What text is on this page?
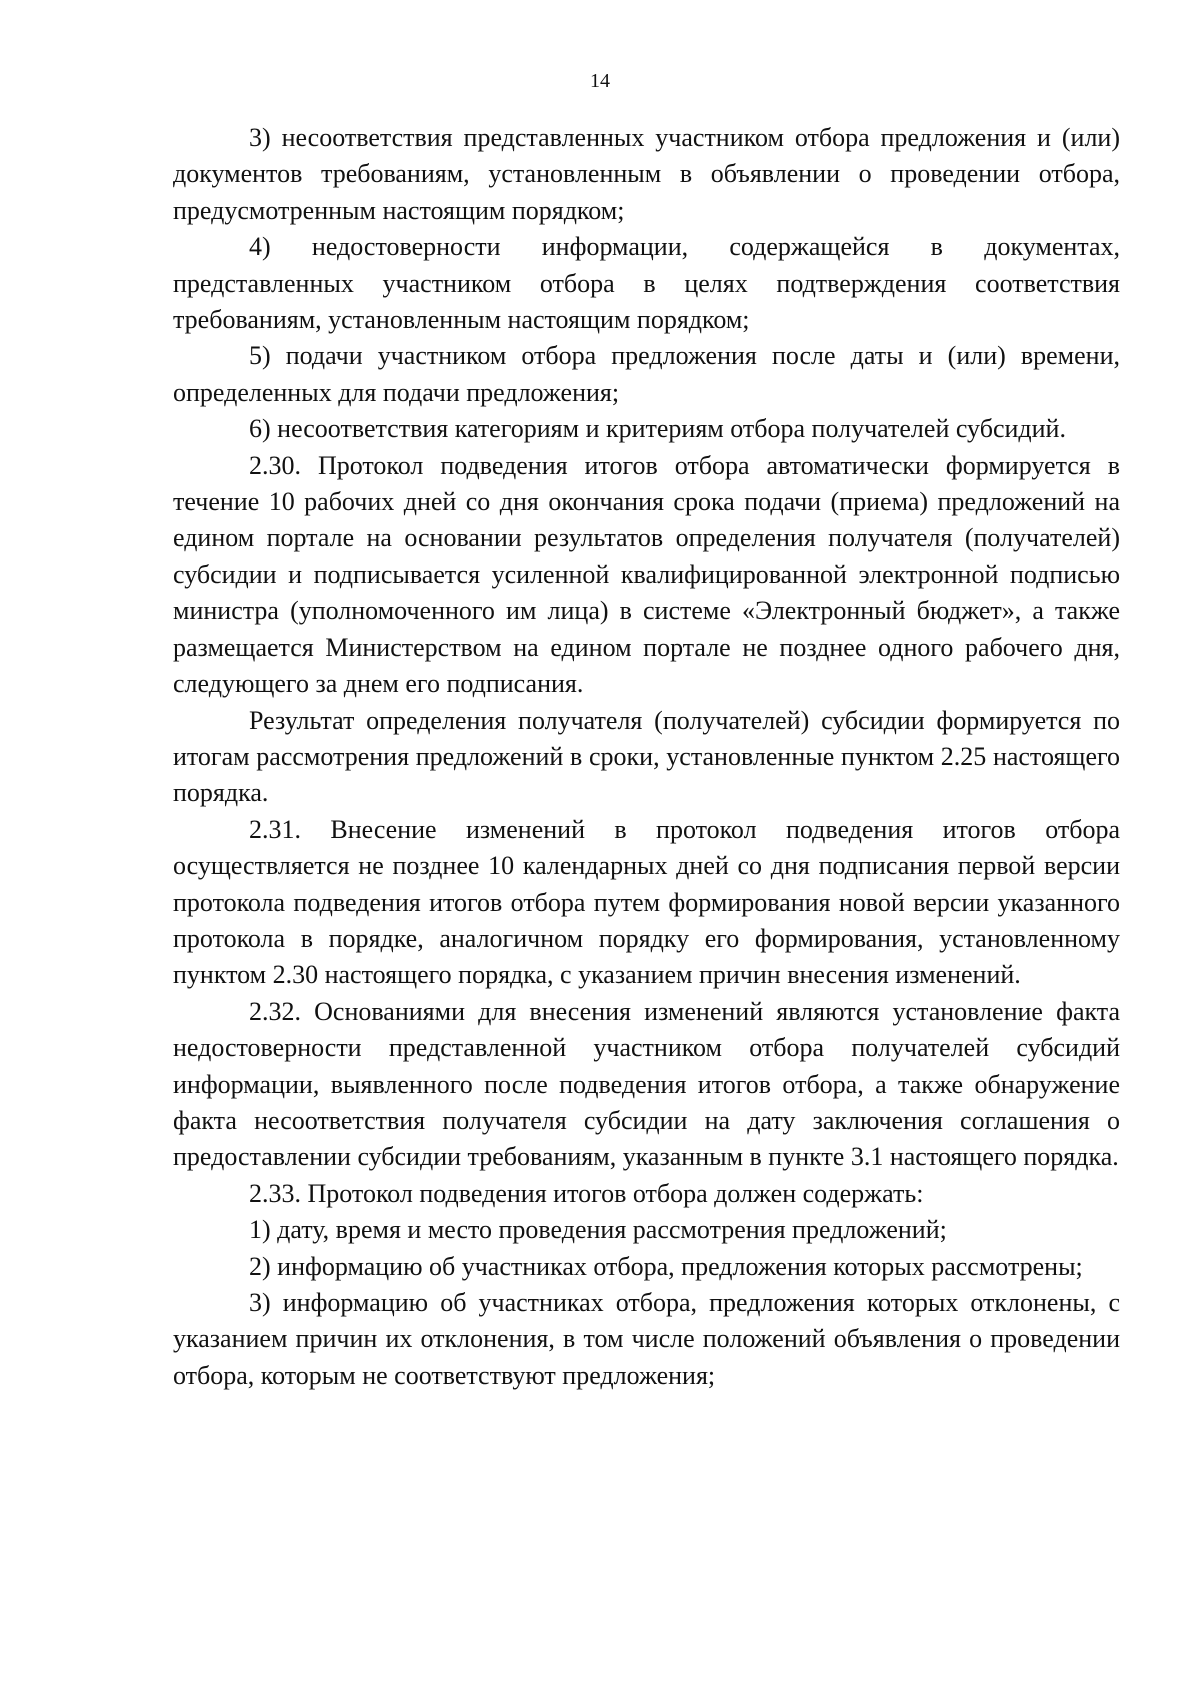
14

3) несоответствия представленных участником отбора предложения и (или) документов требованиям, установленным в объявлении о проведении отбора, предусмотренным настоящим порядком;

4) недостоверности информации, содержащейся в документах, представленных участником отбора в целях подтверждения соответствия требованиям, установленным настоящим порядком;

5) подачи участником отбора предложения после даты и (или) времени, определенных для подачи предложения;

6) несоответствия категориям и критериям отбора получателей субсидий.

2.30. Протокол подведения итогов отбора автоматически формируется в течение 10 рабочих дней со дня окончания срока подачи (приема) предложений на едином портале на основании результатов определения получателя (получателей) субсидии и подписывается усиленной квалифицированной электронной подписью министра (уполномоченного им лица) в системе «Электронный бюджет», а также размещается Министерством на едином портале не позднее одного рабочего дня, следующего за днем его подписания.

Результат определения получателя (получателей) субсидии формируется по итогам рассмотрения предложений в сроки, установленные пунктом 2.25 настоящего порядка.

2.31. Внесение изменений в протокол подведения итогов отбора осуществляется не позднее 10 календарных дней со дня подписания первой версии протокола подведения итогов отбора путем формирования новой версии указанного протокола в порядке, аналогичном порядку его формирования, установленному пунктом 2.30 настоящего порядка, с указанием причин внесения изменений.

2.32. Основаниями для внесения изменений являются установление факта недостоверности представленной участником отбора получателей субсидий информации, выявленного после подведения итогов отбора, а также обнаружение факта несоответствия получателя субсидии на дату заключения соглашения о предоставлении субсидии требованиям, указанным в пункте 3.1 настоящего порядка.

2.33. Протокол подведения итогов отбора должен содержать:

1) дату, время и место проведения рассмотрения предложений;

2) информацию об участниках отбора, предложения которых рассмотрены;

3) информацию об участниках отбора, предложения которых отклонены, с указанием причин их отклонения, в том числе положений объявления о проведении отбора, которым не соответствуют предложения;
